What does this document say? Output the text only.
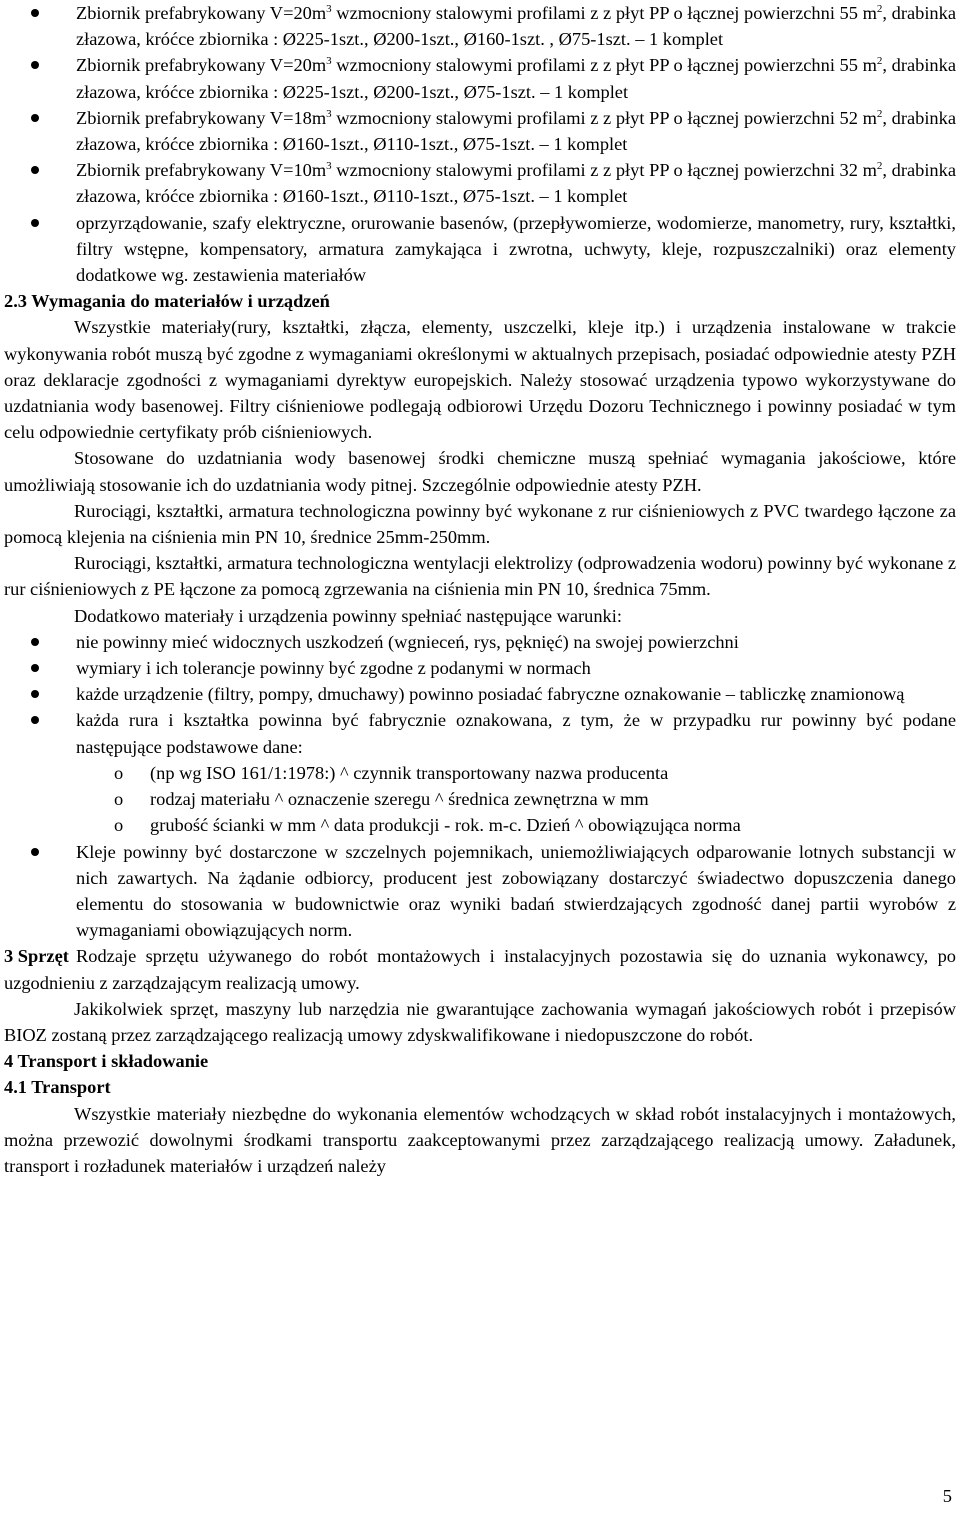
Zbiornik prefabrykowany $V=20m^3$ wzmocniony stalowymi profilami z z płyt PP o łącznej powierzchni 55 $m^2$, drabinka złazowa, króćce zbiornika : Ø225-1szt., Ø200-1szt., Ø160-1szt. , Ø75-1szt. – 1 komplet
Zbiornik prefabrykowany $V=20m^3$ wzmocniony stalowymi profilami z z płyt PP o łącznej powierzchni 55 $m^2$, drabinka złazowa, króćce zbiornika : Ø225-1szt., Ø200-1szt., Ø75-1szt. – 1 komplet
Zbiornik prefabrykowany $V=18m^3$ wzmocniony stalowymi profilami z z płyt PP o łącznej powierzchni 52 $m^2$, drabinka złazowa, króćce zbiornika : Ø160-1szt., Ø110-1szt., Ø75-1szt. – 1 komplet
Zbiornik prefabrykowany $V=10m^3$ wzmocniony stalowymi profilami z z płyt PP o łącznej powierzchni 32 $m^2$, drabinka złazowa, króćce zbiornika : Ø160-1szt., Ø110-1szt., Ø75-1szt. – 1 komplet
oprzyrządowanie, szafy elektryczne, orurowanie basenów, (przepływomierze, wodomierze, manometry, rury, kształtki, filtry wstępne, kompensatory, armatura zamykająca i zwrotna, uchwyty, kleje, rozpuszczalniki) oraz elementy dodatkowe wg. zestawienia materiałów
2.3 Wymagania do materiałów i urządzeń

Wszystkie materiały(rury, kształtki, złącza, elementy, uszczelki, kleje itp.) i urządzenia instalowane w trakcie wykonywania robót muszą być zgodne z wymaganiami określonymi w aktualnych przepisach, posiadać odpowiednie atesty PZH oraz deklaracje zgodności z wymaganiami dyrektyw europejskich. Należy stosować urządzenia typowo wykorzystywane do uzdatniania wody basenowej. Filtry ciśnieniowe podlegają odbiorowi Urzędu Dozoru Technicznego i powinny posiadać w tym celu odpowiednie certyfikaty prób ciśnieniowych.

Stosowane do uzdatniania wody basenowej środki chemiczne muszą spełniać wymagania jakościowe, które umożliwiają stosowanie ich do uzdatniania wody pitnej. Szczególnie odpowiednie atesty PZH.

Rurociągi, kształtki, armatura technologiczna powinny być wykonane z rur ciśnieniowych z PVC twardego łączone za pomocą klejenia na ciśnienia min PN 10, średnice 25mm-250mm.

Rurociągi, kształtki, armatura technologiczna wentylacji elektrolizy (odprowadzenia wodoru) powinny być wykonane z rur ciśnieniowych z PE łączone za pomocą zgrzewania na ciśnienia min PN 10, średnica 75mm.

Dodatkowo materiały i urządzenia powinny spełniać następujące warunki:

nie powinny mieć widocznych uszkodzeń (wgnieceń, rys, pęknięć) na swojej powierzchni
wymiary i ich tolerancje powinny być zgodne z podanymi w normach
każde urządzenie (filtry, pompy, dmuchawy) powinno posiadać fabryczne oznakowanie – tabliczkę znamionową
każda rura i kształtka powinna być fabrycznie oznakowana, z tym, że w przypadku rur powinny być podane następujące podstawowe dane:
o (np wg ISO 161/1:1978:) ^ czynnik transportowany nazwa producenta
o rodzaj materiału ^ oznaczenie szeregu ^ średnica zewnętrzna w mm
o grubość ścianki w mm ^ data produkcji - rok. m-c. Dzień ^ obowiązująca norma
Kleje powinny być dostarczone w szczelnych pojemnikach, uniemożliwiających odparowanie lotnych substancji w nich zawartych. Na żądanie odbiorcy, producent jest zobowiązany dostarczyć świadectwo dopuszczenia danego elementu do stosowania w budownictwie oraz wyniki badań stwierdzających zgodność danej partii wyrobów z wymaganiami obowiązujących norm.
3 Sprzęt Rodzaje sprzętu używanego do robót montażowych i instalacyjnych pozostawia się do uznania wykonawcy, po uzgodnieniu z zarządzającym realizacją umowy.

Jakikolwiek sprzęt, maszyny lub narzędzia nie gwarantujące zachowania wymagań jakościowych robót i przepisów BIOZ zostaną przez zarządzającego realizacją umowy zdyskwalifikowane i niedopuszczone do robót.

4 Transport i składowanie
4.1 Transport

Wszystkie materiały niezbędne do wykonania elementów wchodzących w skład robót instalacyjnych i montażowych, można przewozić dowolnymi środkami transportu zaakceptowanymi przez zarządzającego realizacją umowy. Załadunek, transport i rozładunek materiałów i urządzeń należy

5
